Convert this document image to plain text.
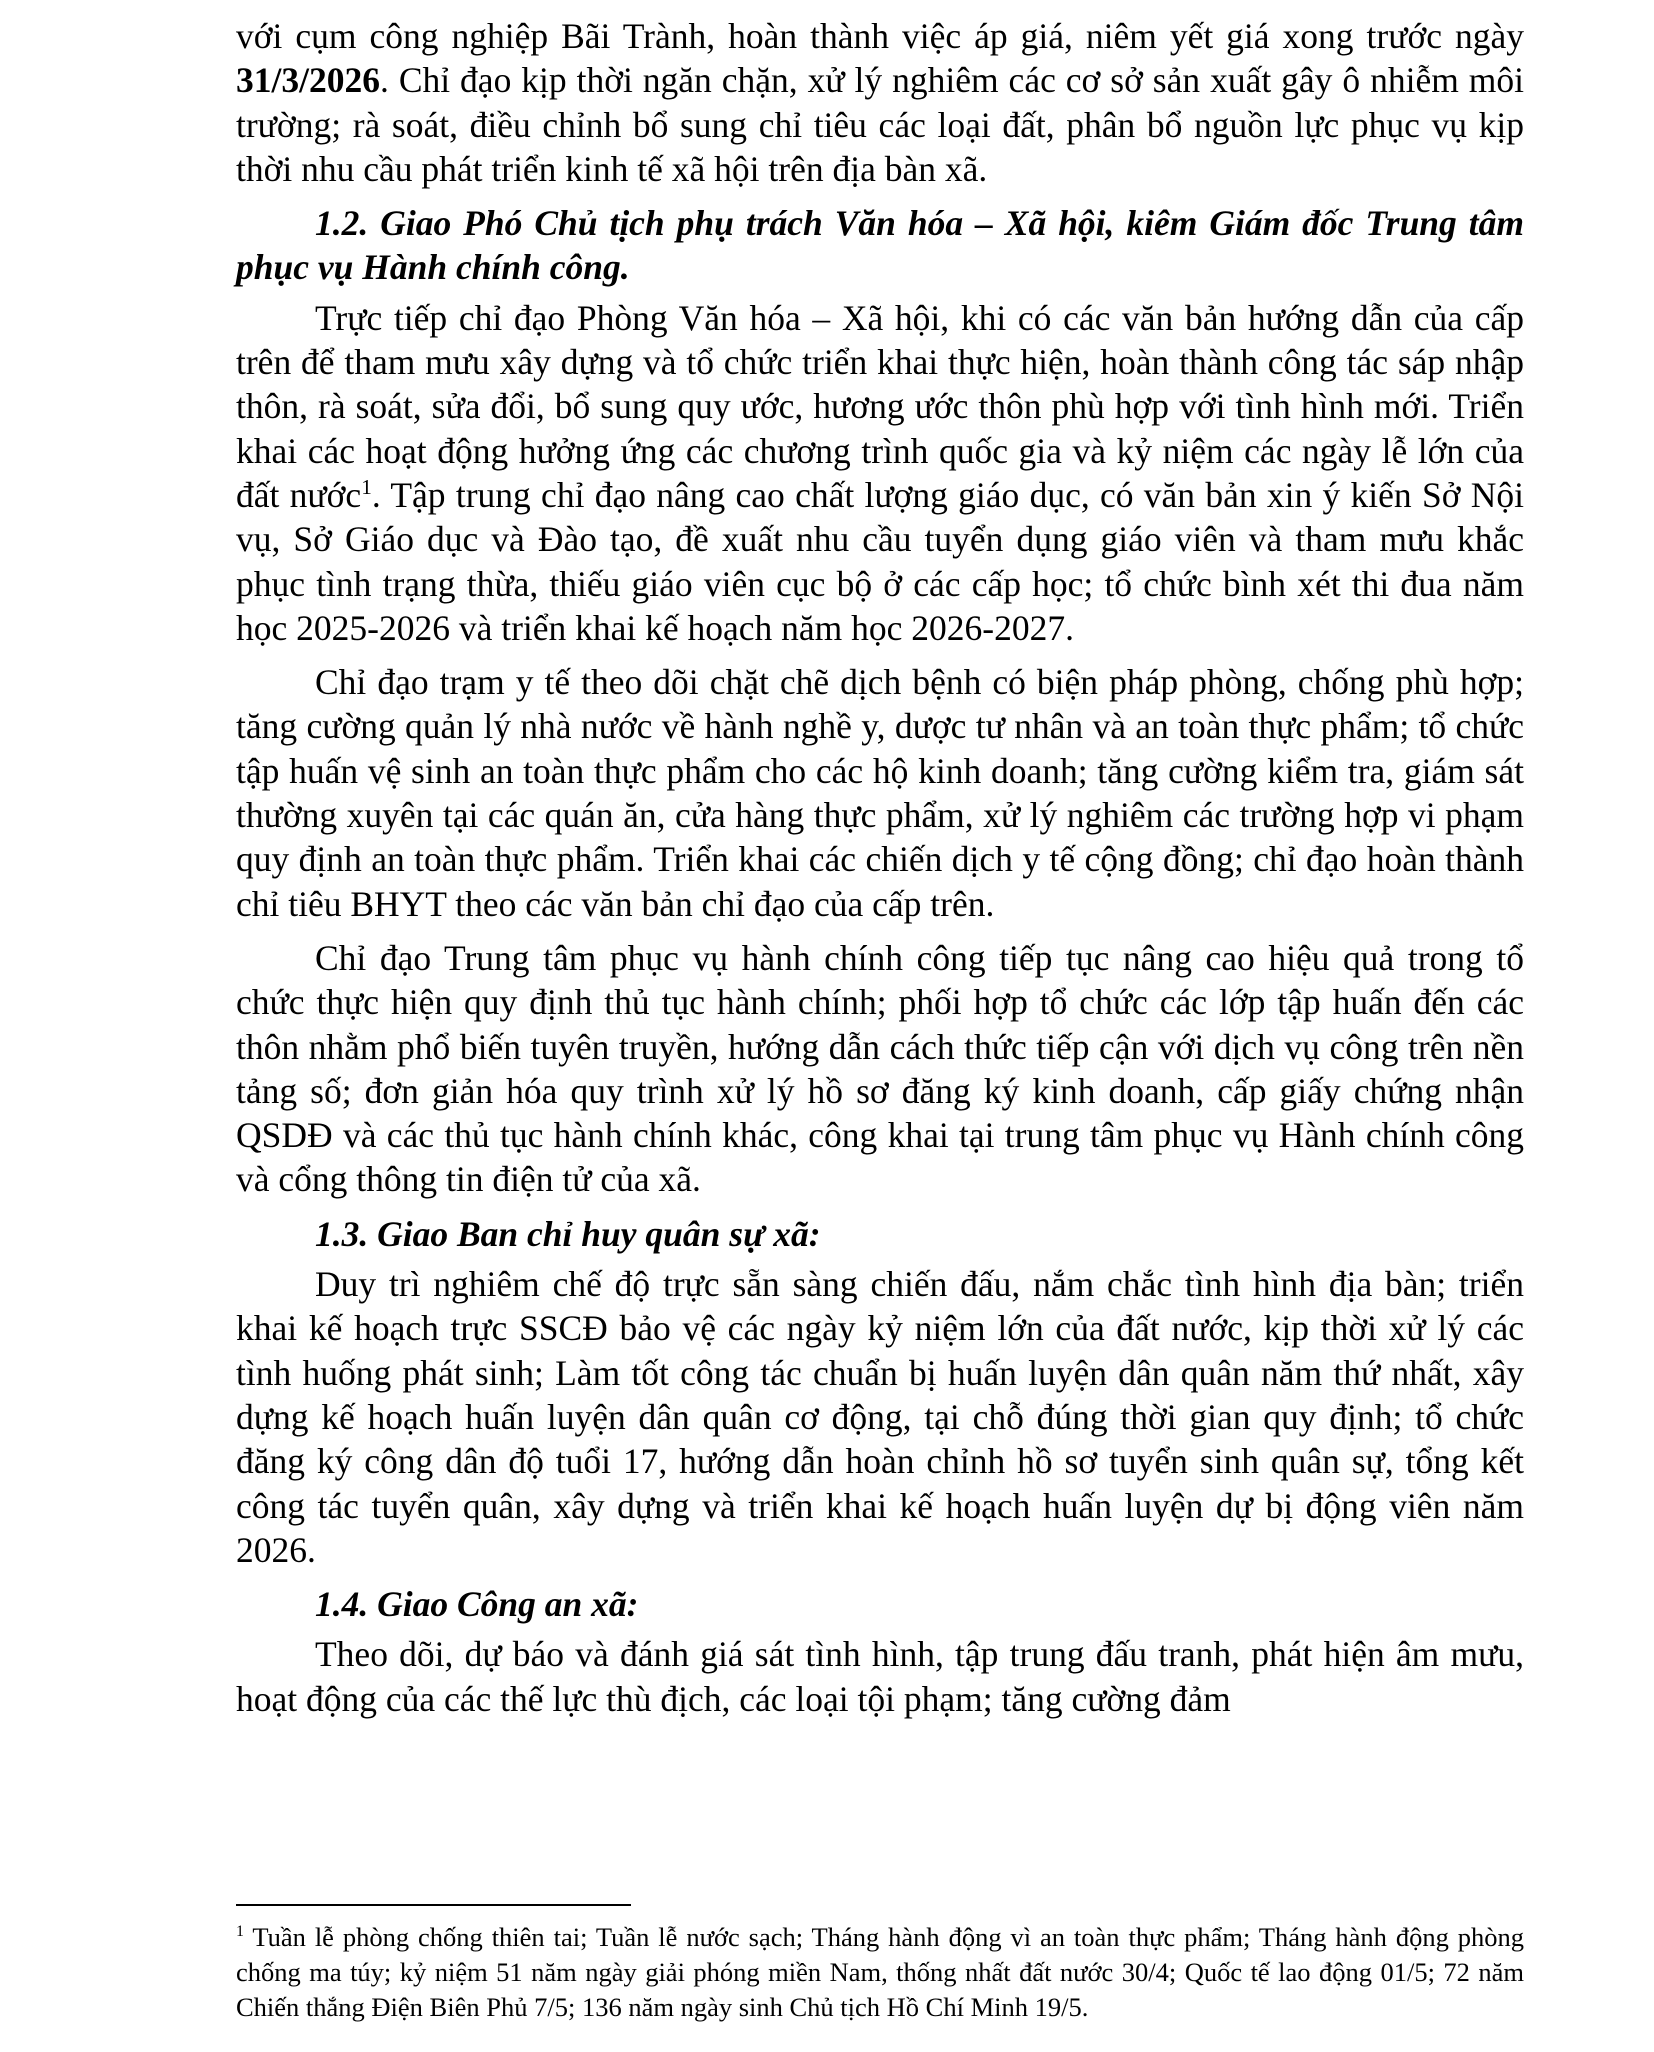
với cụm công nghiệp Bãi Trành, hoàn thành việc áp giá, niêm yết giá xong trước ngày 31/3/2026. Chỉ đạo kịp thời ngăn chặn, xử lý nghiêm các cơ sở sản xuất gây ô nhiễm môi trường; rà soát, điều chỉnh bổ sung chỉ tiêu các loại đất, phân bổ nguồn lực phục vụ kịp thời nhu cầu phát triển kinh tế xã hội trên địa bàn xã.

1.2. Giao Phó Chủ tịch phụ trách Văn hóa – Xã hội, kiêm Giám đốc Trung tâm phục vụ Hành chính công.

Trực tiếp chỉ đạo Phòng Văn hóa – Xã hội, khi có các văn bản hướng dẫn của cấp trên để tham mưu xây dựng và tổ chức triển khai thực hiện, hoàn thành công tác sáp nhập thôn, rà soát, sửa đổi, bổ sung quy ước, hương ước thôn phù hợp với tình hình mới. Triển khai các hoạt động hưởng ứng các chương trình quốc gia và kỷ niệm các ngày lễ lớn của đất nước$^1$. Tập trung chỉ đạo nâng cao chất lượng giáo dục, có văn bản xin ý kiến Sở Nội vụ, Sở Giáo dục và Đào tạo, đề xuất nhu cầu tuyển dụng giáo viên và tham mưu khắc phục tình trạng thừa, thiếu giáo viên cục bộ ở các cấp học; tổ chức bình xét thi đua năm học 2025-2026 và triển khai kế hoạch năm học 2026-2027.

Chỉ đạo trạm y tế theo dõi chặt chẽ dịch bệnh có biện pháp phòng, chống phù hợp; tăng cường quản lý nhà nước về hành nghề y, dược tư nhân và an toàn thực phẩm; tổ chức tập huấn vệ sinh an toàn thực phẩm cho các hộ kinh doanh; tăng cường kiểm tra, giám sát thường xuyên tại các quán ăn, cửa hàng thực phẩm, xử lý nghiêm các trường hợp vi phạm quy định an toàn thực phẩm. Triển khai các chiến dịch y tế cộng đồng; chỉ đạo hoàn thành chỉ tiêu BHYT theo các văn bản chỉ đạo của cấp trên.

Chỉ đạo Trung tâm phục vụ hành chính công tiếp tục nâng cao hiệu quả trong tổ chức thực hiện quy định thủ tục hành chính; phối hợp tổ chức các lớp tập huấn đến các thôn nhằm phổ biến tuyên truyền, hướng dẫn cách thức tiếp cận với dịch vụ công trên nền tảng số; đơn giản hóa quy trình xử lý hồ sơ đăng ký kinh doanh, cấp giấy chứng nhận QSDĐ và các thủ tục hành chính khác, công khai tại trung tâm phục vụ Hành chính công và cổng thông tin điện tử của xã.

1.3. Giao Ban chỉ huy quân sự xã:

Duy trì nghiêm chế độ trực sẵn sàng chiến đấu, nắm chắc tình hình địa bàn; triển khai kế hoạch trực SSCĐ bảo vệ các ngày kỷ niệm lớn của đất nước, kịp thời xử lý các tình huống phát sinh; Làm tốt công tác chuẩn bị huấn luyện dân quân năm thứ nhất, xây dựng kế hoạch huấn luyện dân quân cơ động, tại chỗ đúng thời gian quy định; tổ chức đăng ký công dân độ tuổi 17, hướng dẫn hoàn chỉnh hồ sơ tuyển sinh quân sự, tổng kết công tác tuyển quân, xây dựng và triển khai kế hoạch huấn luyện dự bị động viên năm 2026.

1.4. Giao Công an xã:

Theo dõi, dự báo và đánh giá sát tình hình, tập trung đấu tranh, phát hiện âm mưu, hoạt động của các thế lực thù địch, các loại tội phạm; tăng cường đảm

$^1$ Tuần lễ phòng chống thiên tai; Tuần lễ nước sạch; Tháng hành động vì an toàn thực phẩm; Tháng hành động phòng chống ma túy; kỷ niệm 51 năm ngày giải phóng miền Nam, thống nhất đất nước 30/4; Quốc tế lao động 01/5; 72 năm Chiến thắng Điện Biên Phủ 7/5; 136 năm ngày sinh Chủ tịch Hồ Chí Minh 19/5.
